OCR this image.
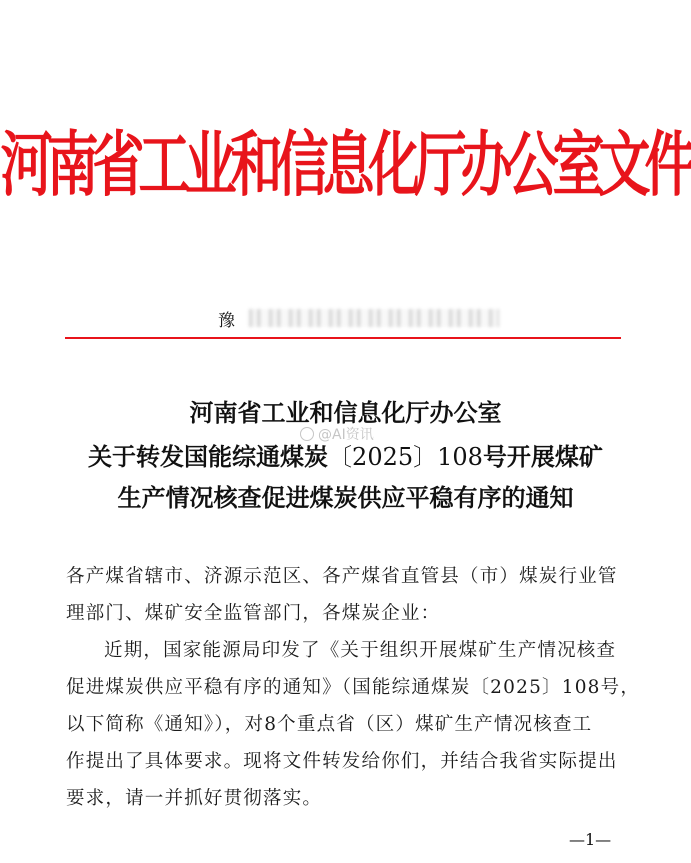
河南省工业和信息化厅办公室文件
豫
河南省工业和信息化厅办公室
关于转发国能综通煤炭〔2025〕108号开展煤矿
生产情况核查促进煤炭供应平稳有序的通知
@AI资讯
各产煤省辖市、济源示范区、各产煤省直管县（市）煤炭行业管
理部门、煤矿安全监管部门，各煤炭企业：
近期，国家能源局印发了《关于组织开展煤矿生产情况核查
促进煤炭供应平稳有序的通知》（国能综通煤炭〔2025〕108号，
以下简称《通知》），对8个重点省（区）煤矿生产情况核查工
作提出了具体要求。现将文件转发给你们，并结合我省实际提出
要求，请一并抓好贯彻落实。
—1—
